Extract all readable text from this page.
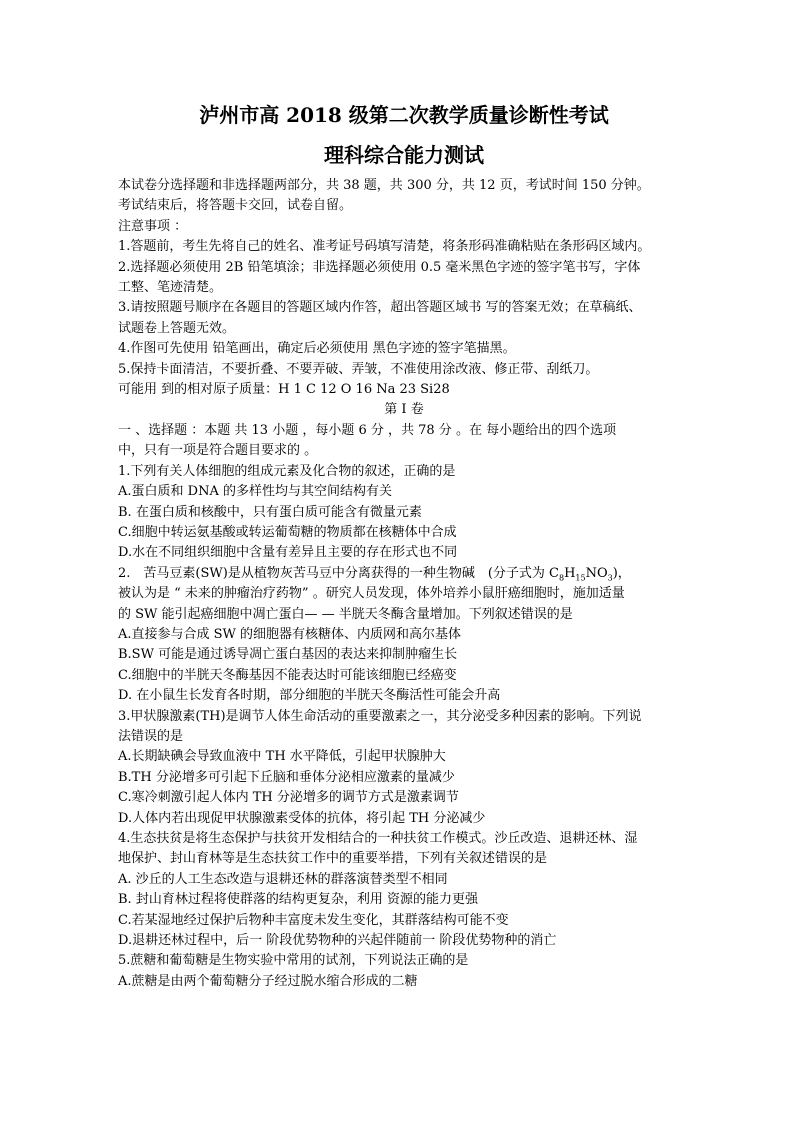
泸州市高 2018 级第二次教学质量诊断性考试

理科综合能力测试

本试卷分选择题和非选择题两部分，共 38 题，共 300 分，共 12 页，考试时间 150 分钟。

考试结束后，将答题卡交回，试卷自留。

注意事项 ：

1.答题前，考生先将自己的姓名、准考证号码填写清楚，将条形码准确粘贴在条形码区域内。

2.选择题必须使用 2B 铅笔填涂；非选择题必须使用 0.5 毫米黑色字迹的签字笔书写，字体

工整、笔迹清楚。

3.请按照题号顺序在各题目的答题区域内作答，超出答题区域书 写的答案无效；在草稿纸、

试题卷上答题无效。

4.作图可先使用 铅笔画出，确定后必须使用 黑色字迹的签字笔描黑。

5.保持卡面清洁，不要折叠、不要弄破、弄皱，不准使用涂改液、修正带、刮纸刀。

可能用 到的相对原子质量：H 1 C 12 O 16 Na 23 Si28

第 I 卷

一 、选择题 ：本题 共 13 小题 ，每小题 6 分 ，共 78 分 。在 每小题给出的四个选项

中，只有一项是符合题目要求的 。

1.下列有关人体细胞的组成元素及化合物的叙述，正确的是

A.蛋白质和 DNA 的多样性均与其空间结构有关

B. 在蛋白质和核酸中，只有蛋白质可能含有微量元素

C.细胞中转运氨基酸或转运葡萄糖的物质都在核糖体中合成

D.水在不同组织细胞中含量有差异且主要的存在形式也不同

2.　苦马豆素(SW)是从植物灰苦马豆中分离获得的一种生物碱　(分子式为 $C_8H_{15}NO_3$)，

被认为是 “ 未来的肿瘤治疗药物” 。研究人员发现，体外培养小鼠肝癌细胞时，施加适量

的 SW 能引起癌细胞中凋亡蛋白— — 半胱天冬酶含量增加。下列叙述错误的是

A.直接参与合成 SW 的细胞器有核糖体、内质网和高尔基体

B.SW 可能是通过诱导凋亡蛋白基因的表达来抑制肿瘤生长

C.细胞中的半胱天冬酶基因不能表达时可能该细胞已经癌变

D. 在小鼠生长发育各时期，部分细胞的半胱天冬酶活性可能会升高

3.甲状腺激素(TH)是调节人体生命活动的重要激素之一，其分泌受多种因素的影响。下列说

法错误的是

A.长期缺碘会导致血液中 TH 水平降低，引起甲状腺肿大

B.TH 分泌增多可引起下丘脑和垂体分泌相应激素的量减少

C.寒冷刺激引起人体内 TH 分泌增多的调节方式是激素调节

D.人体内若出现促甲状腺激素受体的抗体，将引起 TH 分泌减少

4.生态扶贫是将生态保护与扶贫开发相结合的一种扶贫工作模式。沙丘改造、退耕还林、湿

地保护、封山育林等是生态扶贫工作中的重要举措，下列有关叙述错误的是

A. 沙丘的人工生态改造与退耕还林的群落演替类型不相同

B. 封山育林过程将使群落的结构更复杂，利用 资源的能力更强

C.若某湿地经过保护后物种丰富度未发生变化，其群落结构可能不变

D.退耕还林过程中，后一 阶段优势物种的兴起伴随前一 阶段优势物种的消亡

5.蔗糖和葡萄糖是生物实验中常用的试剂，下列说法正确的是

A.蔗糖是由两个葡萄糖分子经过脱水缩合形成的二糖
